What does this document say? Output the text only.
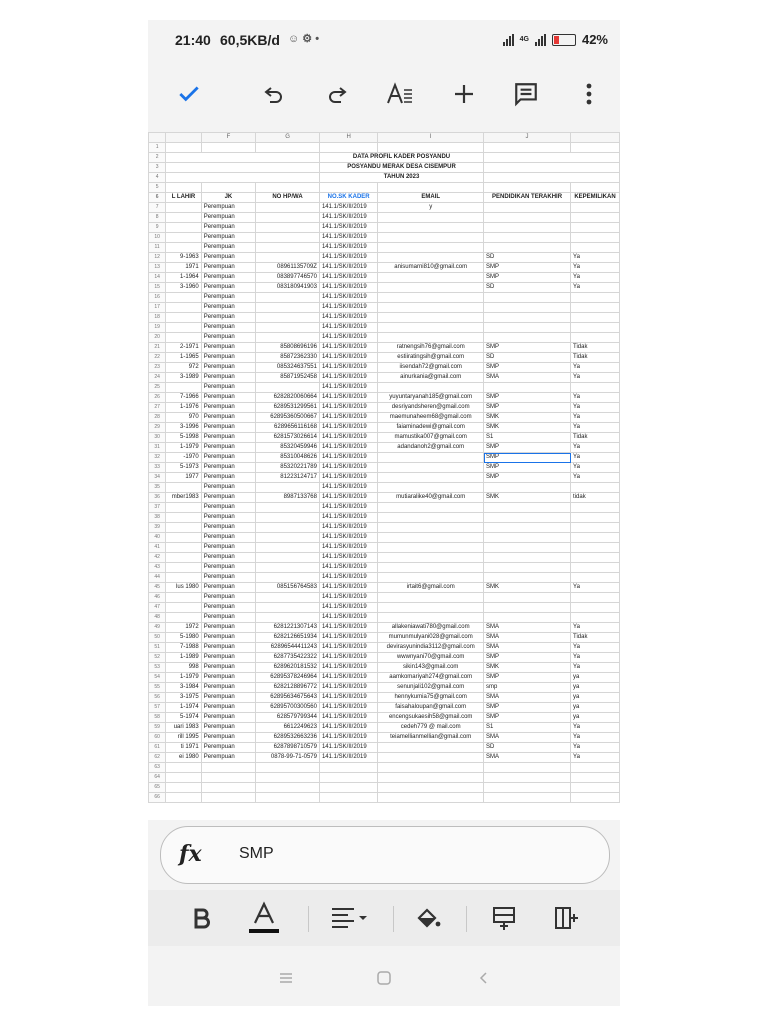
21:40 60,5KB/d ☺ ⚙ •	4G	42%
		F	G	H	I	J	
1							
2				DATA PROFIL KADER POSYANDU			
3				POSYANDU MERAK DESA CISEMPUR			
4				TAHUN 2023			
5							
6	L LAHIR	JK	NO HP/WA	NO.SK KADER	EMAIL	PENDIDIKAN TERAKHIR	KEPEMILIKAN
7		Perempuan		141.1/SK/II/2019	y		
8		Perempuan		141.1/SK/II/2019			
9		Perempuan		141.1/SK/II/2019			
10		Perempuan		141.1/SK/II/2019			
11		Perempuan		141.1/SK/II/2019			
12	9-1963	Perempuan		141.1/SK/II/2019		SD	Ya
13	1971	Perempuan	08961135709Z	141.1/SK/II/2019	anisumarni810@gmail.com	SMP	Ya
14	1-1964	Perempuan	083897746570	141.1/SK/II/2019		SMP	Ya
15	3-1960	Perempuan	083180941903	141.1/SK/II/2019		SD	Ya
16		Perempuan		141.1/SK/II/2019			
17		Perempuan		141.1/SK/II/2019			
18		Perempuan		141.1/SK/II/2019			
19		Perempuan		141.1/SK/II/2019			
20		Perempuan		141.1/SK/II/2019			
21	2-1971	Perempuan	85808696196	141.1/SK/II/2019	ratnengsih76@gmail.com	SMP	Tidak
22	1-1965	Perempuan	85872362330	141.1/SK/II/2019	estiiratingsih@gmail.com	SD	Tidak
23	972	Perempuan	085324637551	141.1/SK/II/2019	iisendah72@gmail.com	SMP	Ya
24	3-1989	Perempuan	85871952458	141.1/SK/II/2019	ainurkania@gmail.com	SMA	Ya
25		Perempuan		141.1/SK/II/2019			
26	7-1966	Perempuan	6282820060664	141.1/SK/II/2019	yuyuntaryanah185@gmail.com	SMP	Ya
27	1-1976	Perempuan	6289531299561	141.1/SK/II/2019	desriyandsheren@gmail.com	SMP	Ya
28	970	Perempuan	62895360500667	141.1/SK/II/2019	maemunaheem68@gmail.com	SMK	Ya
29	3-1996	Perempuan	6289656116168	141.1/SK/II/2019	faiaminadewi@gmail.com	SMK	Ya
30	5-1998	Perempuan	6281573026614	141.1/SK/II/2019	mamustika007@gmail.com	S1	Tidak
31	1-1979	Perempuan	85320459946	141.1/SK/II/2019	adandanoh2@gmail.com	SMP	Ya
32	-1970	Perempuan	85310048626	141.1/SK/II/2019		SMP	Ya
33	5-1973	Perempuan	85320221789	141.1/SK/II/2019		SMP	Ya
34	1977	Perempuan	81223124717	141.1/SK/II/2019		SMP	Ya
35		Perempuan		141.1/SK/II/2019			
36	mber1983	Perempuan	8987133768	141.1/SK/II/2019	mutiaralike40@gmail.com	SMK	tidak
37		Perempuan		141.1/SK/II/2019			
38		Perempuan		141.1/SK/II/2019			
39		Perempuan		141.1/SK/II/2019			
40		Perempuan		141.1/SK/II/2019			
41		Perempuan		141.1/SK/II/2019			
42		Perempuan		141.1/SK/II/2019			
43		Perempuan		141.1/SK/II/2019			
44		Perempuan		141.1/SK/II/2019			
45	lus 1980	Perempuan	085156764583	141.1/SK/II/2019	irtait6@gmail.com	SMK	Ya
46		Perempuan		141.1/SK/II/2019			
47		Perempuan		141.1/SK/II/2019			
48		Perempuan		141.1/SK/II/2019			
49	1972	Perempuan	6281221307143	141.1/SK/II/2019	allakeniawati780@gmail.com	SMA	Ya
50	5-1980	Perempuan	6282126651934	141.1/SK/II/2019	mumunmulyani028@gmail.com	SMA	Tidak
51	7-1988	Perempuan	62896544411243	141.1/SK/II/2019	devirasyunindia3112@gmail.com	SMA	Ya
52	1-1989	Perempuan	6287735422322	141.1/SK/II/2019	wwwnyani70@gmail.com	SMP	Ya
53	998	Perempuan	6289620181532	141.1/SK/II/2019	sikin143@gmail.com	SMK	Ya
54	1-1979	Perempuan	62895378246964	141.1/SK/II/2019	aamkomariyah274@gmail.com	SMP	ya
55	3-1984	Perempuan	6282128896772	141.1/SK/II/2019	senunjali102@gmail.com	smp	ya
56	3-1975	Perempuan	62895634675643	141.1/SK/II/2019	hennykumia75@gmail.com	SMA	ya
57	1-1974	Perempuan	62895700300560	141.1/SK/II/2019	faisahaloupan@gmail.com	SMP	ya
58	5-1974	Perempuan	628579799344	141.1/SK/II/2019	encengsukaesih58@gmail.com	SMP	ya
59	uari 1983	Perempuan	6612249623	141.1/SK/II/2019	cedeh779 @ mail.com	S1	Ya
60	rill 1995	Perempuan	6289532663236	141.1/SK/II/2019	teiamellianmellian@gmail.com	SMA	Ya
61	ti 1971	Perempuan	6287898710579	141.1/SK/II/2019		SD	Ya
62	ei 1980	Perempuan	0878-99-71-0579	141.1/SK/II/2019		SMA	Ya
63							
64							
65							
66							
fx SMP
